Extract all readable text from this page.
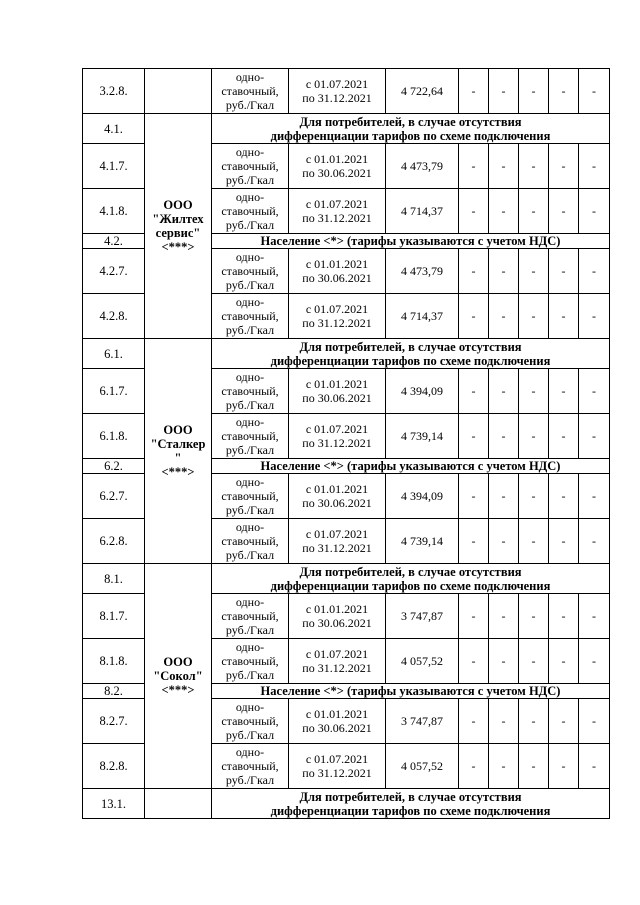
3.2.8.		одно-
ставочный,
руб./Гкал	с 01.07.2021
по 31.12.2021	4 722,64	-	-	-	-	-
4.1.	ООО
"Жилтех
сервис"
<***>	Для потребителей, в случае отсутствия
дифференциации тарифов по схеме подключения							

4.1.7.		одно-
ставочный,
руб./Гкал	с 01.01.2021
по 30.06.2021	4 473,79	-	-	-	-	-
4.1.8.		одно-
ставочный,
руб./Гкал	с 01.07.2021
по 31.12.2021	4 714,37	-	-	-	-	-
4.2.		Население <*> (тарифы указываются с учетом НДС)							
4.2.7.		одно-
ставочный,
руб./Гкал	с 01.01.2021
по 30.06.2021	4 473,79	-	-	-	-	-
4.2.8.		одно-
ставочный,
руб./Гкал	с 01.07.2021
по 31.12.2021	4 714,37	-	-	-	-	-
6.1.	ООО
"Сталкер
"
<***>	Для потребителей, в случае отсутствия
дифференциации тарифов по схеме подключения							

6.1.7.		одно-
ставочный,
руб./Гкал	с 01.01.2021
по 30.06.2021	4 394,09	-	-	-	-	-
6.1.8.		одно-
ставочный,
руб./Гкал	с 01.07.2021
по 31.12.2021	4 739,14	-	-	-	-	-
6.2.		Население <*> (тарифы указываются с учетом НДС)							
6.2.7.		одно-
ставочный,
руб./Гкал	с 01.01.2021
по 30.06.2021	4 394,09	-	-	-	-	-
6.2.8.		одно-
ставочный,
руб./Гкал	с 01.07.2021
по 31.12.2021	4 739,14	-	-	-	-	-
8.1.	ООО
"Сокол"
<***>	Для потребителей, в случае отсутствия
дифференциации тарифов по схеме подключения							

8.1.7.		одно-
ставочный,
руб./Гкал	с 01.01.2021
по 30.06.2021	3 747,87	-	-	-	-	-
8.1.8.		одно-
ставочный,
руб./Гкал	с 01.07.2021
по 31.12.2021	4 057,52	-	-	-	-	-
8.2.		Население <*> (тарифы указываются с учетом НДС)							
8.2.7.		одно-
ставочный,
руб./Гкал	с 01.01.2021
по 30.06.2021	3 747,87	-	-	-	-	-
8.2.8.		одно-
ставочный,
руб./Гкал	с 01.07.2021
по 31.12.2021	4 057,52	-	-	-	-	-
13.1.		Для потребителей, в случае отсутствия
дифференциации тарифов по схеме подключения							
